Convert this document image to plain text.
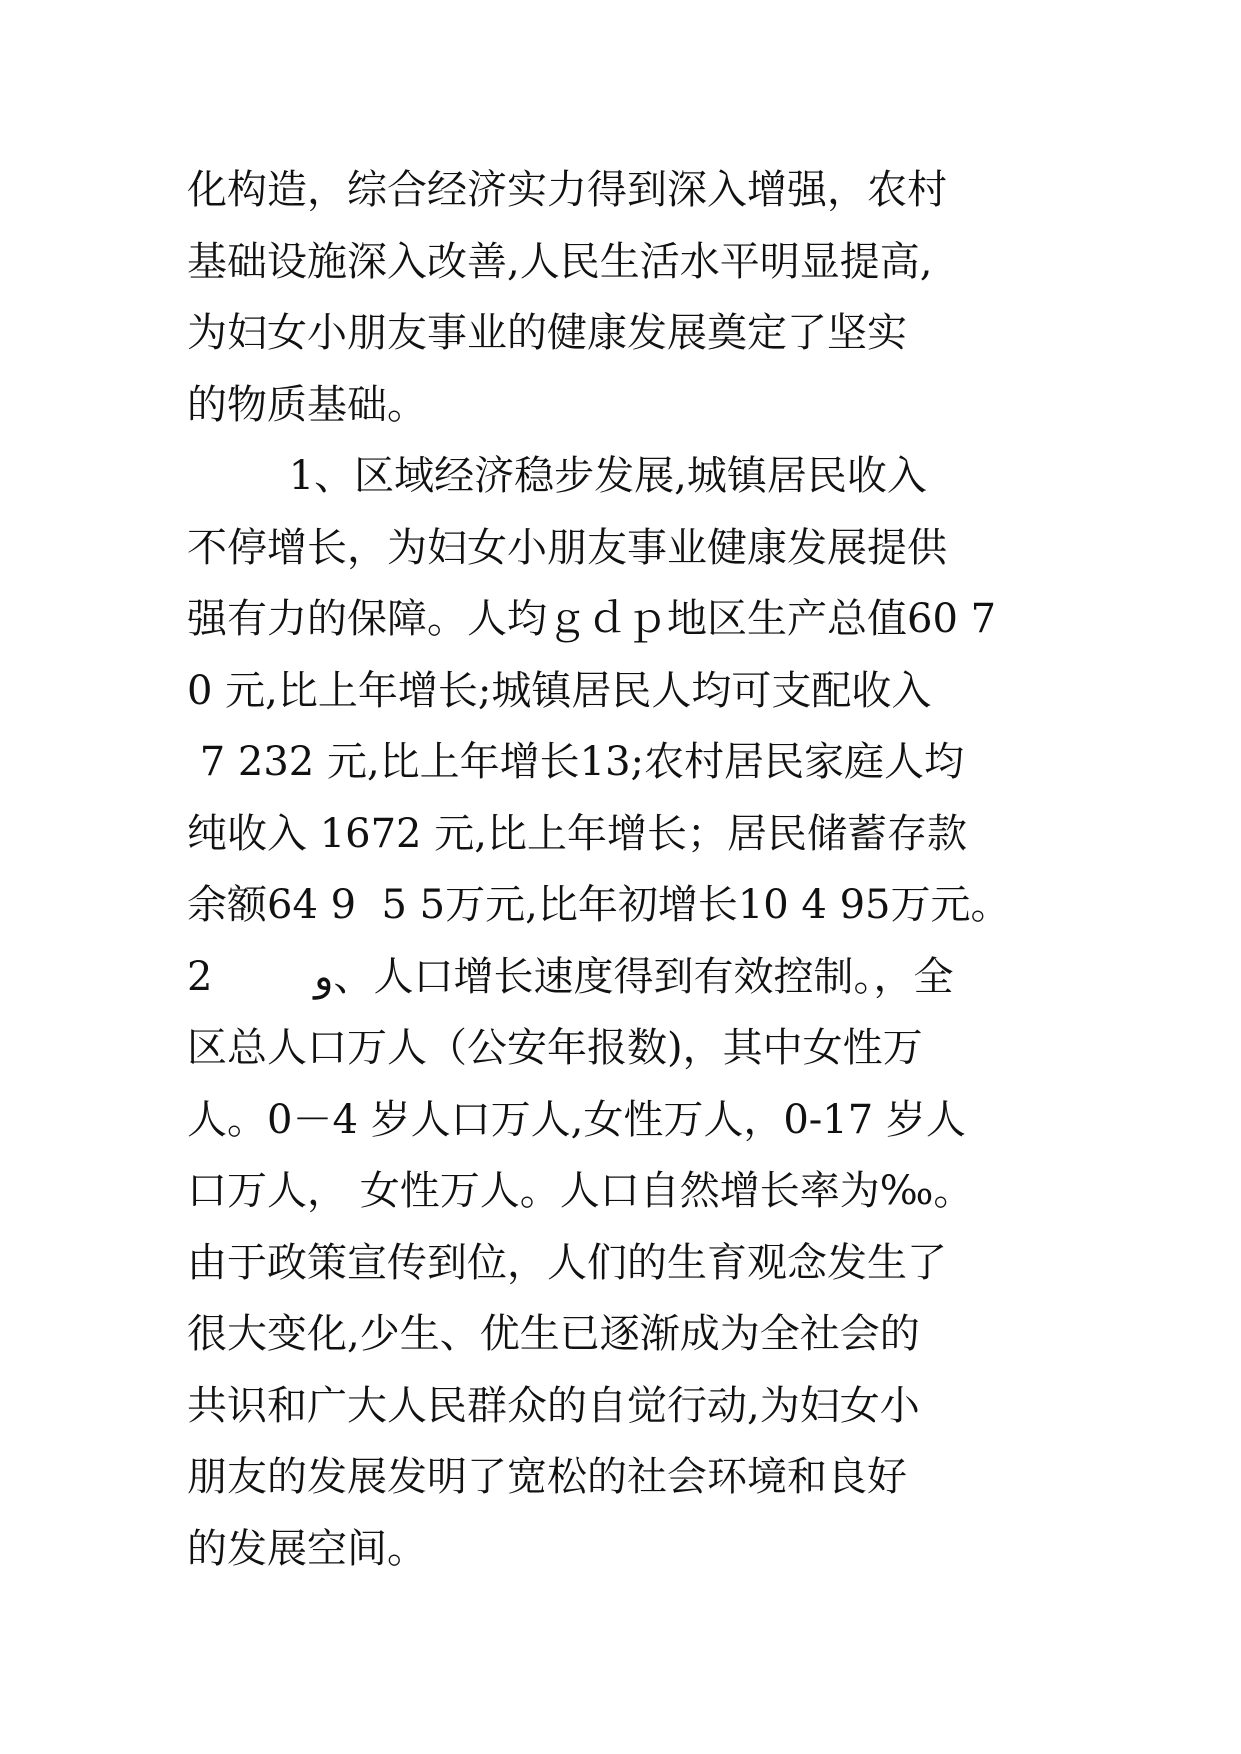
化构造，综合经济实力得到深入增强，农村
基础设施深入改善,人民生活水平明显提高,
为妇女小朋友事业的健康发展奠定了坚实
的物质基础。
1、区域经济稳步发展,城镇居民收入
不停增长，为妇女小朋友事业健康发展提供
强有力的保障。人均ｇｄｐ地区生产总值60 7
0 元,比上年增长;城镇居民人均可支配收入
7 232 元,比上年增长13;农村居民家庭人均
纯收入 1672 元,比上年增长；居民储蓄存款
余额64 9  5 5万元,比年初增长10 4 95万元。
2        و、人口增长速度得到有效控制。，全
区总人口万人（公安年报数)，其中女性万
人。0－4 岁人口万人,女性万人，0-17 岁人
口万人， 女性万人。人口自然增长率为‰。
由于政策宣传到位，人们的生育观念发生了
很大变化,少生、优生已逐渐成为全社会的
共识和广大人民群众的自觉行动,为妇女小
朋友的发展发明了宽松的社会环境和良好
的发展空间。
